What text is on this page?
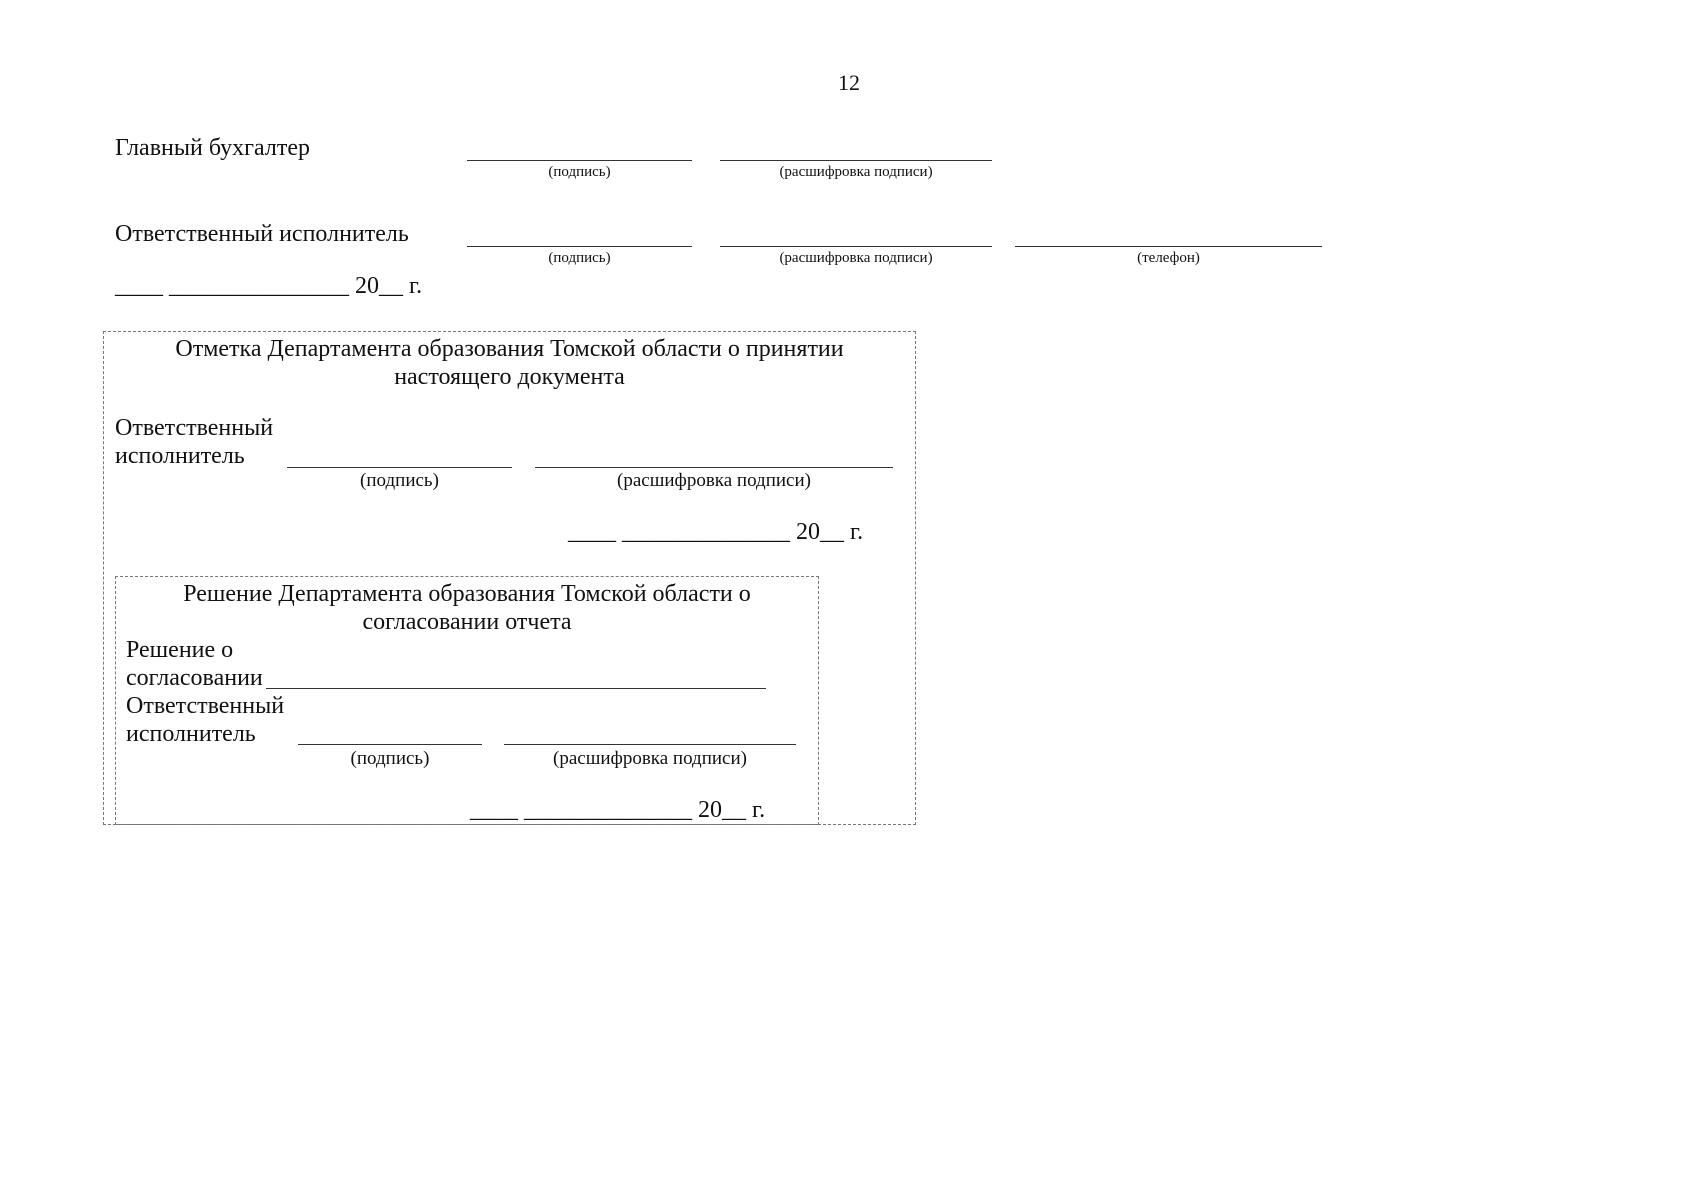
12
Главный бухгалтер
(подпись)	(расшифровка подписи)
Ответственный исполнитель
(подпись)	(расшифровка подписи)	(телефон)
____ _______________ 20__ г.
Отметка Департамента образования Томской области о принятии
настоящего документа
Ответственный
исполнитель
(подпись)	(расшифровка подписи)
____ ______________ 20__ г.
Решение Департамента образования Томской области о
согласовании отчета
Решение о
согласовании
Ответственный
исполнитель
(подпись)	(расшифровка подписи)
____ ______________ 20__ г.
